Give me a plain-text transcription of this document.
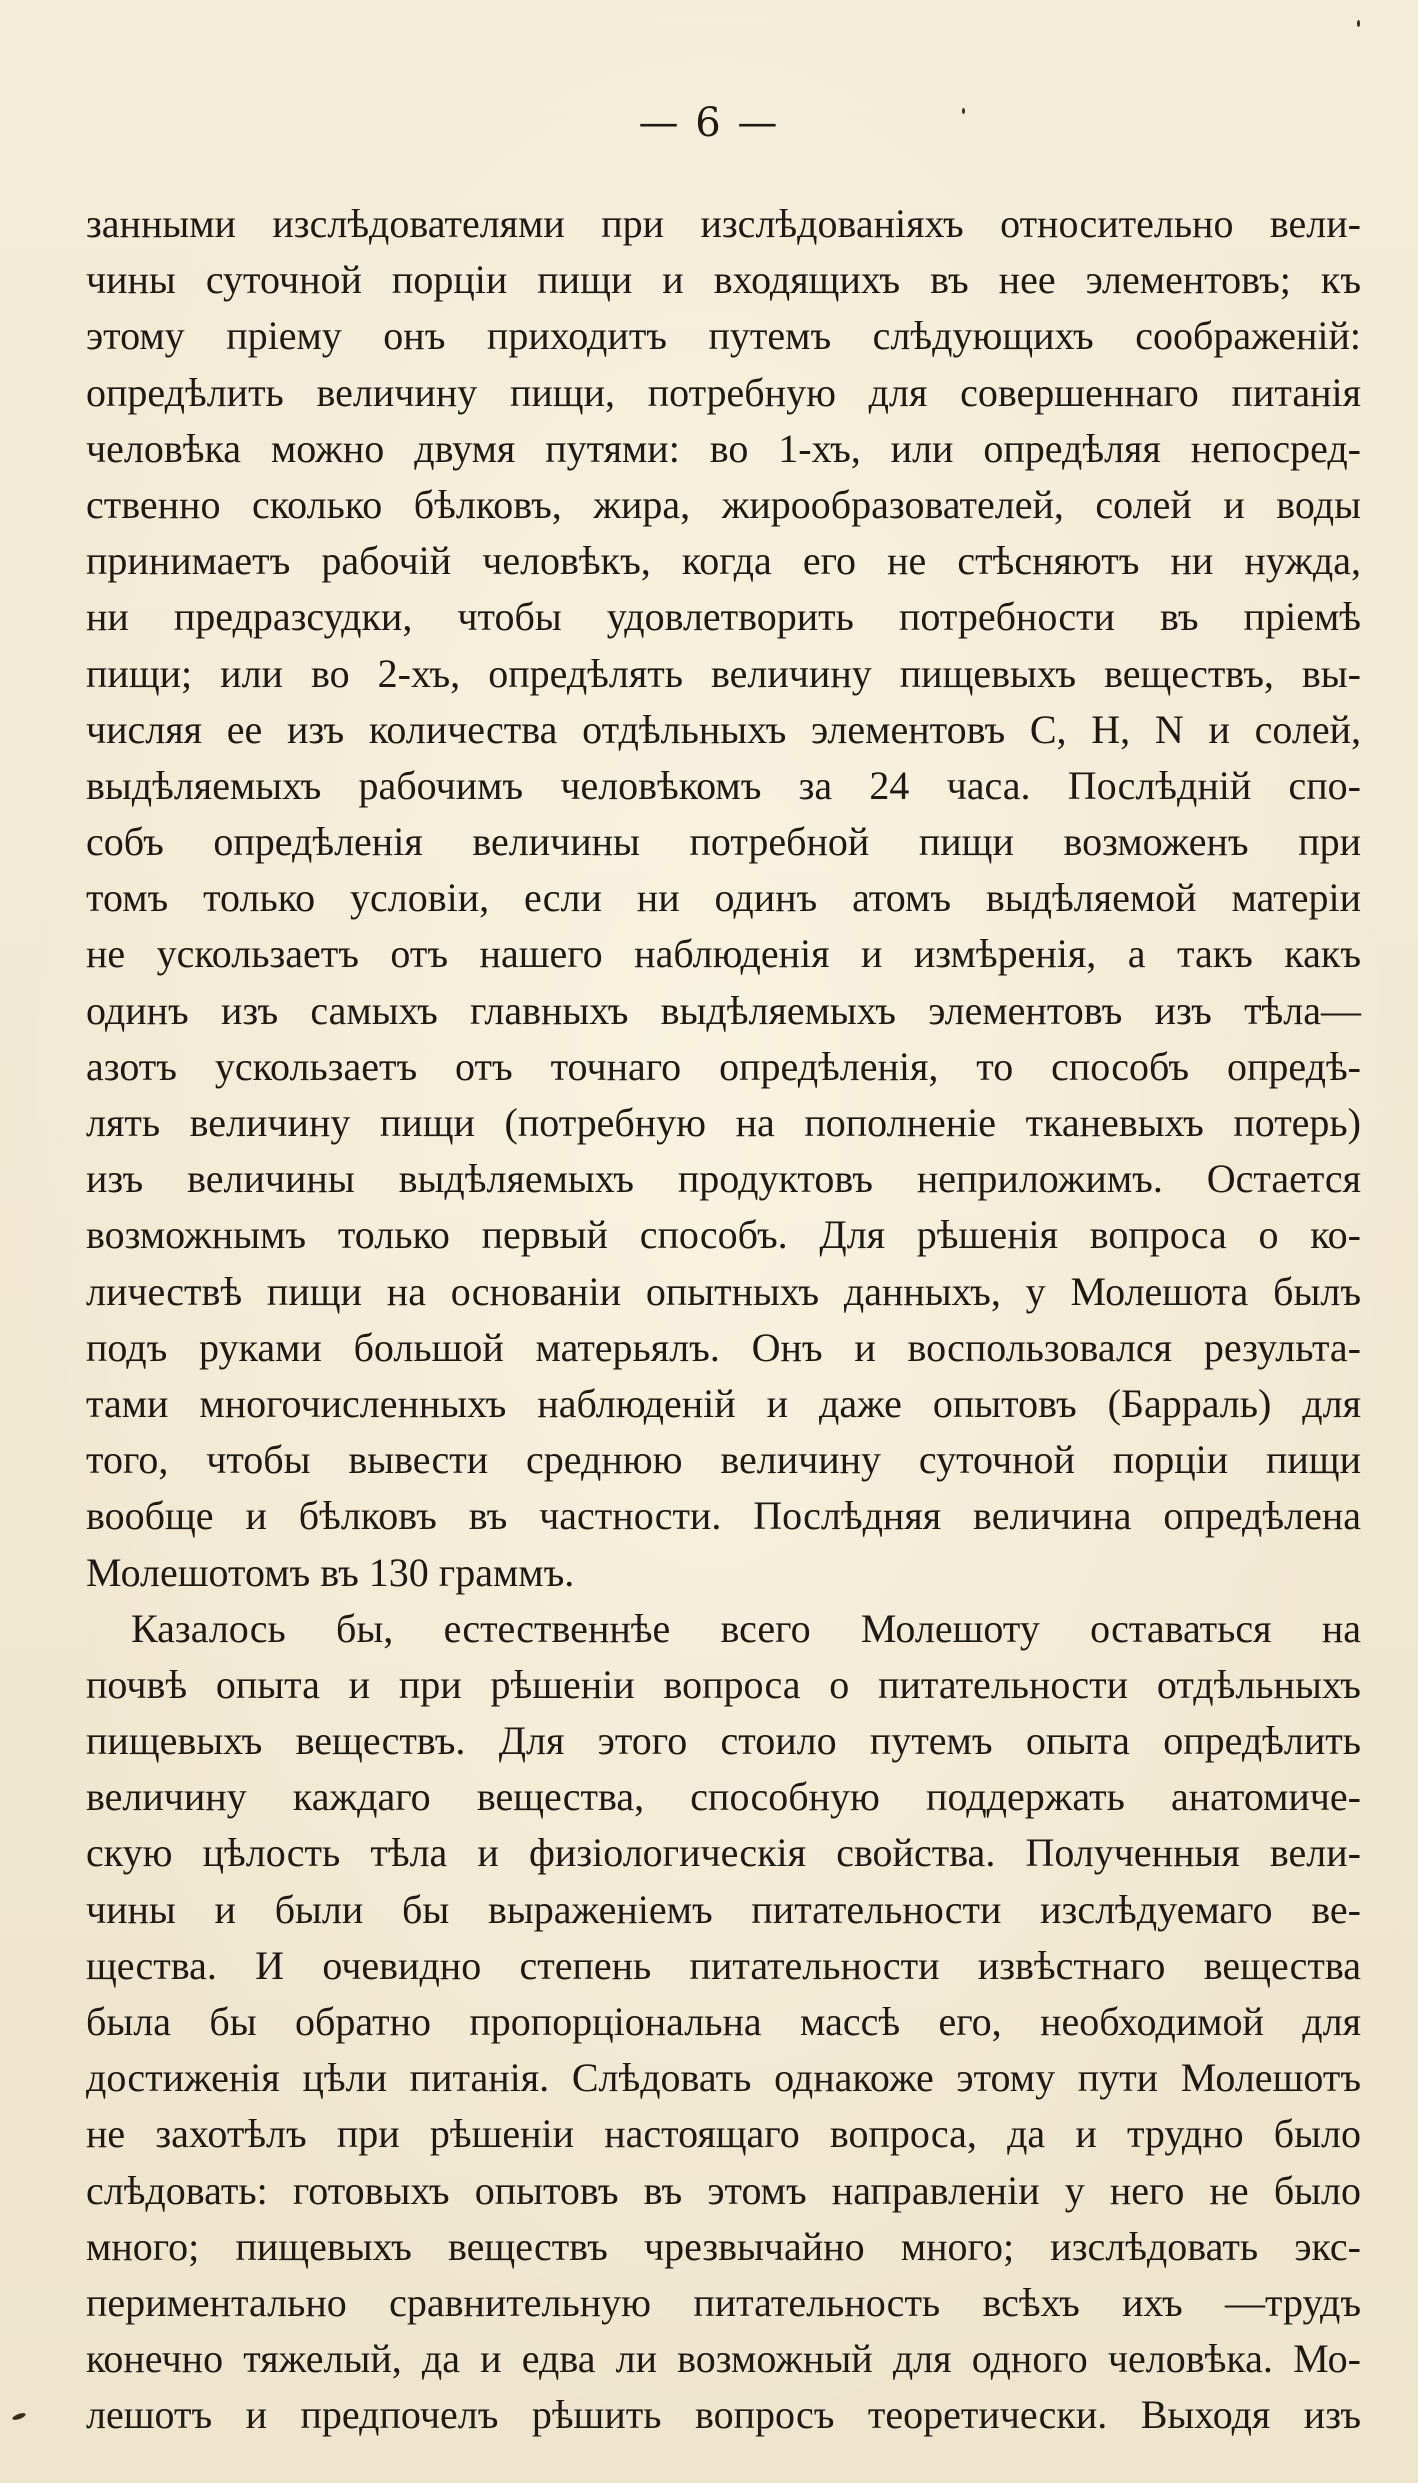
— 6 —
занными изслѣдователями при изслѣдованіяхъ относительно вели-
чины суточной порціи пищи и входящихъ въ нее элементовъ; къ
этому пріему онъ приходитъ путемъ слѣдующихъ соображеній:
опредѣлить величину пищи, потребную для совершеннаго питанія
человѣка можно двумя путями: во 1-хъ, или опредѣляя непосред-
ственно сколько бѣлковъ, жира, жирообразователей, солей и воды
принимаетъ рабочій человѣкъ, когда его не стѣсняютъ ни нужда,
ни предразсудки, чтобы удовлетворить потребности въ пріемѣ
пищи; или во 2-хъ, опредѣлять величину пищевыхъ веществъ, вы-
числяя ее изъ количества отдѣльныхъ элементовъ C, H, N и солей,
выдѣляемыхъ рабочимъ человѣкомъ за 24 часа. Послѣдній спо-
собъ опредѣленія величины потребной пищи возможенъ при
томъ только условіи, если ни одинъ атомъ выдѣляемой матеріи
не ускользаетъ отъ нашего наблюденія и измѣренія, а такъ какъ
одинъ изъ самыхъ главныхъ выдѣляемыхъ элементовъ изъ тѣла—
азотъ ускользаетъ отъ точнаго опредѣленія, то способъ опредѣ-
лять величину пищи (потребную на пополненіе тканевыхъ потерь)
изъ величины выдѣляемыхъ продуктовъ неприложимъ. Остается
возможнымъ только первый способъ. Для рѣшенія вопроса о ко-
личествѣ пищи на основаніи опытныхъ данныхъ, у Молешота былъ
подъ руками большой матерьялъ. Онъ и воспользовался результа-
тами многочисленныхъ наблюденій и даже опытовъ (Барраль) для
того, чтобы вывести среднюю величину суточной порціи пищи
вообще и бѣлковъ въ частности. Послѣдняя величина опредѣлена
Молешотомъ въ 130 граммъ.
Казалось бы, естественнѣе всего Молешоту оставаться на
почвѣ опыта и при рѣшеніи вопроса о питательности отдѣльныхъ
пищевыхъ веществъ. Для этого стоило путемъ опыта опредѣлить
величину каждаго вещества, способную поддержать анатомиче-
скую цѣлость тѣла и физіологическія свойства. Полученныя вели-
чины и были бы выраженіемъ питательности изслѣдуемаго ве-
щества. И очевидно степень питательности извѣстнаго вещества
была бы обратно пропорціональна массѣ его, необходимой для
достиженія цѣли питанія. Слѣдовать однакоже этому пути Молешотъ
не захотѣлъ при рѣшеніи настоящаго вопроса, да и трудно было
слѣдовать: готовыхъ опытовъ въ этомъ направленіи у него не было
много; пищевыхъ веществъ чрезвычайно много; изслѣдовать экс-
периментально сравнительную питательность всѣхъ ихъ —трудъ
конечно тяжелый, да и едва ли возможный для одного человѣка. Мо-
лешотъ и предпочелъ рѣшить вопросъ теоретически. Выходя изъ
